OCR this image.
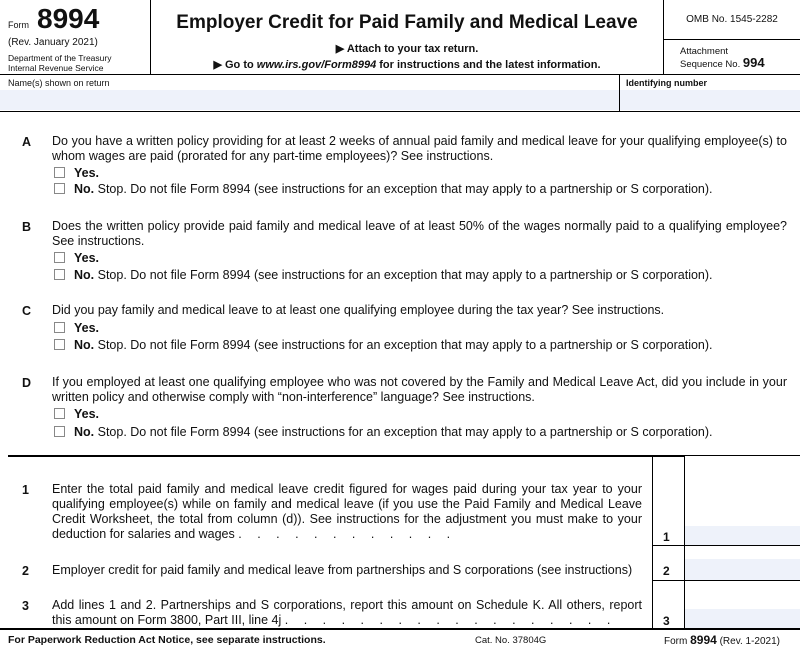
Form 8994
(Rev. January 2021)
Department of the Treasury
Internal Revenue Service
Employer Credit for Paid Family and Medical Leave
▶ Attach to your tax return.
▶ Go to www.irs.gov/Form8994 for instructions and the latest information.
OMB No. 1545-2282
Attachment
Sequence No. 994
Name(s) shown on return	Identifying number
A Do you have a written policy providing for at least 2 weeks of annual paid family and medical leave for your qualifying employee(s) to whom wages are paid (prorated for any part-time employees)? See instructions.
Yes.
No. Stop. Do not file Form 8994 (see instructions for an exception that may apply to a partnership or S corporation).
B Does the written policy provide paid family and medical leave of at least 50% of the wages normally paid to a qualifying employee? See instructions.
Yes.
No. Stop. Do not file Form 8994 (see instructions for an exception that may apply to a partnership or S corporation).
C Did you pay family and medical leave to at least one qualifying employee during the tax year? See instructions.
Yes.
No. Stop. Do not file Form 8994 (see instructions for an exception that may apply to a partnership or S corporation).
D If you employed at least one qualifying employee who was not covered by the Family and Medical Leave Act, did you include in your written policy and otherwise comply with “non-interference” language? See instructions.
Yes.
No. Stop. Do not file Form 8994 (see instructions for an exception that may apply to a partnership or S corporation).
1 Enter the total paid family and medical leave credit figured for wages paid during your tax year to your qualifying employee(s) while on family and medical leave (if you use the Paid Family and Medical Leave Credit Worksheet, the total from column (d)). See instructions for the adjustment you must make to your deduction for salaries and wages . . . . . . . . . . . .	1
2 Employer credit for paid family and medical leave from partnerships and S corporations (see instructions)	2
3 Add lines 1 and 2. Partnerships and S corporations, report this amount on Schedule K. All others, report this amount on Form 3800, Part III, line 4j . . . . . . . . . . . . . . . . . .	3
For Paperwork Reduction Act Notice, see separate instructions.	Cat. No. 37804G	Form 8994 (Rev. 1-2021)
